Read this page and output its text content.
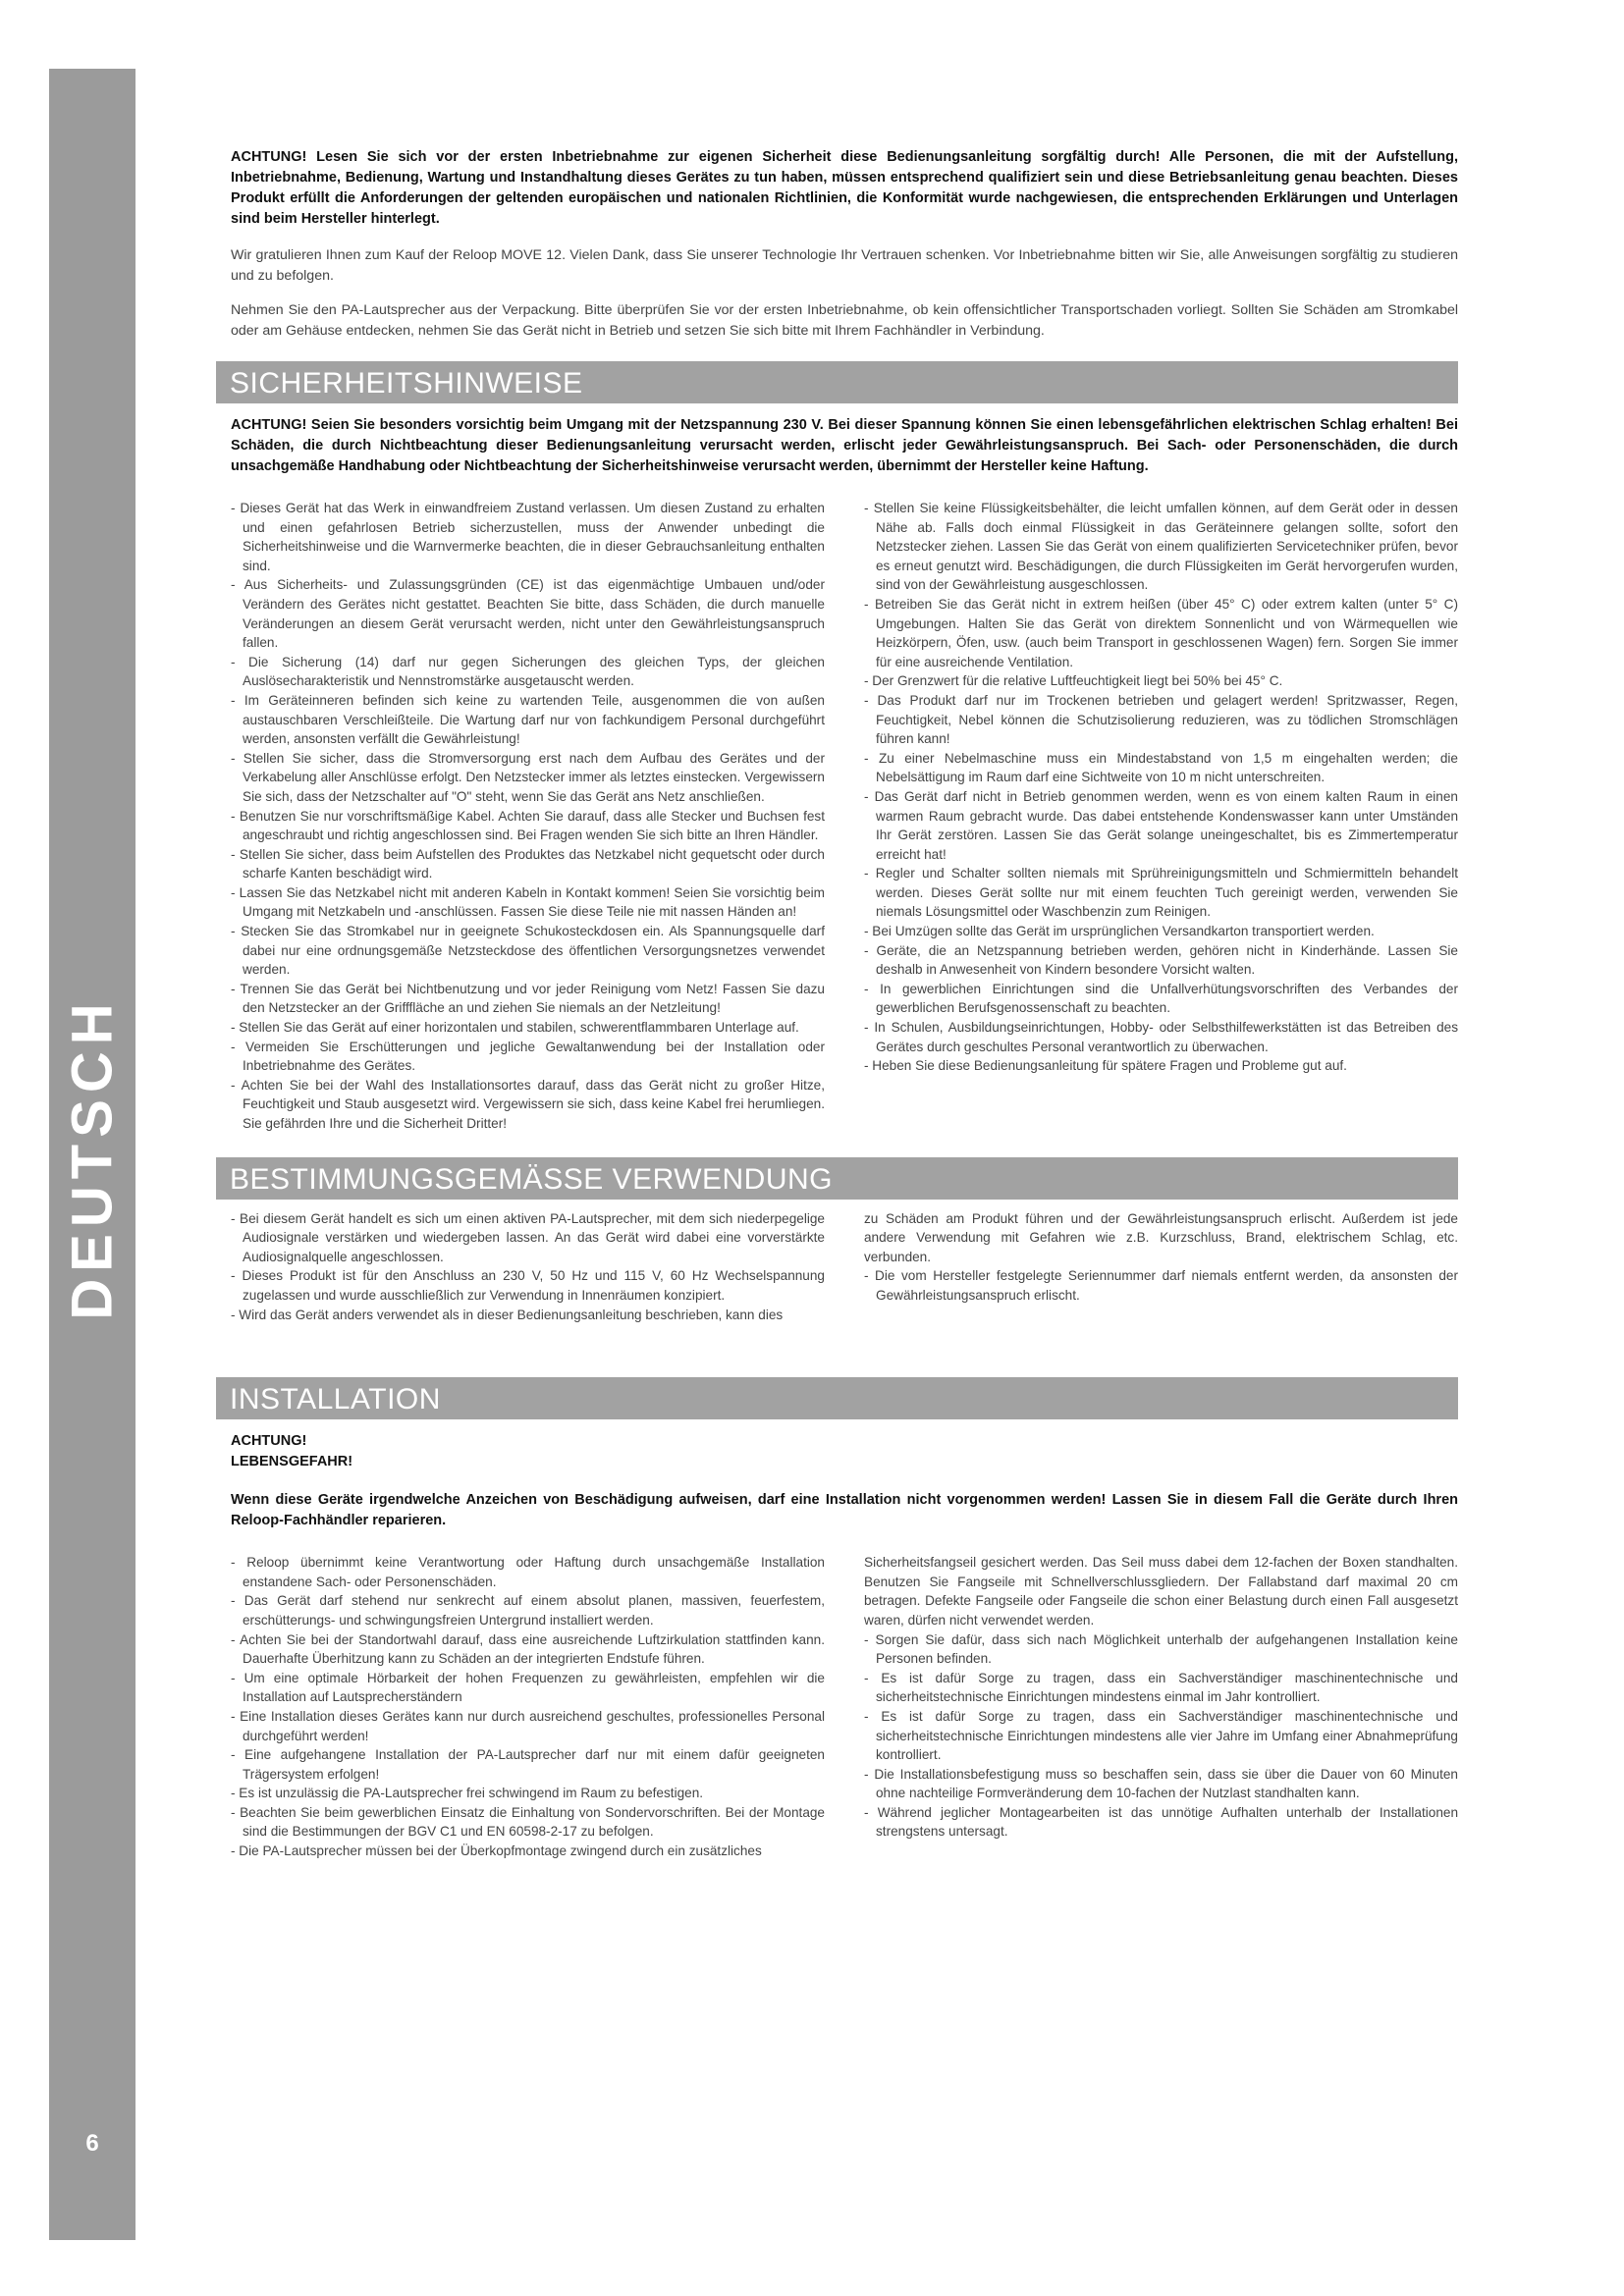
DEUTSCH
6

ACHTUNG! Lesen Sie sich vor der ersten Inbetriebnahme zur eigenen Sicherheit diese Bedienungsanleitung sorgfältig durch! Alle Personen, die mit der Aufstellung, Inbetriebnahme, Bedienung, Wartung und Instandhaltung dieses Gerätes zu tun haben, müssen entsprechend qualifiziert sein und diese Betriebsanleitung genau beachten. Dieses Produkt erfüllt die Anforderungen der geltenden europäischen und nationalen Richtlinien, die Konformität wurde nachgewiesen, die entsprechenden Erklärungen und Unterlagen sind beim Hersteller hinterlegt.

Wir gratulieren Ihnen zum Kauf der Reloop MOVE 12. Vielen Dank, dass Sie unserer Technologie Ihr Vertrauen schenken. Vor Inbetriebnahme bitten wir Sie, alle Anweisungen sorgfältig zu studieren und zu befolgen.

Nehmen Sie den PA-Lautsprecher aus der Verpackung. Bitte überprüfen Sie vor der ersten Inbetriebnahme, ob kein offensichtlicher Transportschaden vorliegt. Sollten Sie Schäden am Stromkabel oder am Gehäuse entdecken, nehmen Sie das Gerät nicht in Betrieb und setzen Sie sich bitte mit Ihrem Fachhändler in Verbindung.

SICHERHEITSHINWEISE

ACHTUNG! Seien Sie besonders vorsichtig beim Umgang mit der Netzspannung 230 V. Bei dieser Spannung können Sie einen lebensgefährlichen elektrischen Schlag erhalten! Bei Schäden, die durch Nichtbeachtung dieser Bedienungsanleitung verursacht werden, erlischt jeder Gewährleistungsanspruch. Bei Sach- oder Personenschäden, die durch unsachgemäße Handhabung oder Nichtbeachtung der Sicherheitshinweise verursacht werden, übernimmt der Hersteller keine Haftung.

- Dieses Gerät hat das Werk in einwandfreiem Zustand verlassen. Um diesen Zustand zu erhalten und einen gefahrlosen Betrieb sicherzustellen, muss der Anwender unbedingt die Sicherheitshinweise und die Warnvermerke beachten, die in dieser Gebrauchsanleitung enthalten sind.

- Aus Sicherheits- und Zulassungsgründen (CE) ist das eigenmächtige Umbauen und/oder Verändern des Gerätes nicht gestattet. Beachten Sie bitte, dass Schäden, die durch manuelle Veränderungen an diesem Gerät verursacht werden, nicht unter den Gewährleistungsanspruch fallen.

- Die Sicherung (14) darf nur gegen Sicherungen des gleichen Typs, der gleichen Auslösecharakteristik und Nennstromstärke ausgetauscht werden.

- Im Geräteinneren befinden sich keine zu wartenden Teile, ausgenommen die von außen austauschbaren Verschleißteile. Die Wartung darf nur von fachkundigem Personal durchgeführt werden, ansonsten verfällt die Gewährleistung!

- Stellen Sie sicher, dass die Stromversorgung erst nach dem Aufbau des Gerätes und der Verkabelung aller Anschlüsse erfolgt. Den Netzstecker immer als letztes einstecken. Vergewissern Sie sich, dass der Netzschalter auf "O" steht, wenn Sie das Gerät ans Netz anschließen.

- Benutzen Sie nur vorschriftsmäßige Kabel. Achten Sie darauf, dass alle Stecker und Buchsen fest angeschraubt und richtig angeschlossen sind. Bei Fragen wenden Sie sich bitte an Ihren Händler.

- Stellen Sie sicher, dass beim Aufstellen des Produktes das Netzkabel nicht gequetscht oder durch scharfe Kanten beschädigt wird.

- Lassen Sie das Netzkabel nicht mit anderen Kabeln in Kontakt kommen! Seien Sie vorsichtig beim Umgang mit Netzkabeln und -anschlüssen. Fassen Sie diese Teile nie mit nassen Händen an!

- Stecken Sie das Stromkabel nur in geeignete Schukosteckdosen ein. Als Spannungsquelle darf dabei nur eine ordnungsgemäße Netzsteckdose des öffentlichen Versorgungsnetzes verwendet werden.

- Trennen Sie das Gerät bei Nichtbenutzung und vor jeder Reinigung vom Netz! Fassen Sie dazu den Netzstecker an der Grifffläche an und ziehen Sie niemals an der Netzleitung!

- Stellen Sie das Gerät auf einer horizontalen und stabilen, schwerentflammbaren Unterlage auf.

- Vermeiden Sie Erschütterungen und jegliche Gewaltanwendung bei der Installation oder Inbetriebnahme des Gerätes.

- Achten Sie bei der Wahl des Installationsortes darauf, dass das Gerät nicht zu großer Hitze, Feuchtigkeit und Staub ausgesetzt wird. Vergewissern sie sich, dass keine Kabel frei herumliegen. Sie gefährden Ihre und die Sicherheit Dritter!

- Stellen Sie keine Flüssigkeitsbehälter, die leicht umfallen können, auf dem Gerät oder in dessen Nähe ab. Falls doch einmal Flüssigkeit in das Geräteinnere gelangen sollte, sofort den Netzstecker ziehen. Lassen Sie das Gerät von einem qualifizierten Servicetechniker prüfen, bevor es erneut genutzt wird. Beschädigungen, die durch Flüssigkeiten im Gerät hervorgerufen wurden, sind von der Gewährleistung ausgeschlossen.

- Betreiben Sie das Gerät nicht in extrem heißen (über 45° C) oder extrem kalten (unter 5° C) Umgebungen. Halten Sie das Gerät von direktem Sonnenlicht und von Wärmequellen wie Heizkörpern, Öfen, usw. (auch beim Transport in geschlossenen Wagen) fern. Sorgen Sie immer für eine ausreichende Ventilation.

- Der Grenzwert für die relative Luftfeuchtigkeit liegt bei 50% bei 45° C.

- Das Produkt darf nur im Trockenen betrieben und gelagert werden! Spritzwasser, Regen, Feuchtigkeit, Nebel können die Schutzisolierung reduzieren, was zu tödlichen Stromschlägen führen kann!

- Zu einer Nebelmaschine muss ein Mindestabstand von 1,5 m eingehalten werden; die Nebelsättigung im Raum darf eine Sichtweite von 10 m nicht unterschreiten.

- Das Gerät darf nicht in Betrieb genommen werden, wenn es von einem kalten Raum in einen warmen Raum gebracht wurde. Das dabei entstehende Kondenswasser kann unter Umständen Ihr Gerät zerstören. Lassen Sie das Gerät solange uneingeschaltet, bis es Zimmertemperatur erreicht hat!

- Regler und Schalter sollten niemals mit Sprühreinigungsmitteln und Schmiermitteln behandelt werden. Dieses Gerät sollte nur mit einem feuchten Tuch gereinigt werden, verwenden Sie niemals Lösungsmittel oder Waschbenzin zum Reinigen.

- Bei Umzügen sollte das Gerät im ursprünglichen Versandkarton transportiert werden.

- Geräte, die an Netzspannung betrieben werden, gehören nicht in Kinderhände. Lassen Sie deshalb in Anwesenheit von Kindern besondere Vorsicht walten.

- In gewerblichen Einrichtungen sind die Unfallverhütungsvorschriften des Verbandes der gewerblichen Berufsgenossenschaft zu beachten.

- In Schulen, Ausbildungseinrichtungen, Hobby- oder Selbsthilfewerkstätten ist das Betreiben des Gerätes durch geschultes Personal verantwortlich zu überwachen.

- Heben Sie diese Bedienungsanleitung für spätere Fragen und Probleme gut auf.

BESTIMMUNGSGEMÄSSE VERWENDUNG

- Bei diesem Gerät handelt es sich um einen aktiven PA-Lautsprecher, mit dem sich niederpegelige Audiosignale verstärken und wiedergeben lassen. An das Gerät wird dabei eine vorverstärkte Audiosignalquelle angeschlossen.

- Dieses Produkt ist für den Anschluss an 230 V, 50 Hz und 115 V, 60 Hz Wechselspannung zugelassen und wurde ausschließlich zur Verwendung in Innenräumen konzipiert.

- Wird das Gerät anders verwendet als in dieser Bedienungsanleitung beschrieben, kann dies

zu Schäden am Produkt führen und der Gewährleistungsanspruch erlischt. Außerdem ist jede andere Verwendung mit Gefahren wie z.B. Kurzschluss, Brand, elektrischem Schlag, etc. verbunden.

- Die vom Hersteller festgelegte Seriennummer darf niemals entfernt werden, da ansonsten der Gewährleistungsanspruch erlischt.

INSTALLATION

ACHTUNG!

LEBENSGEFAHR!

Wenn diese Geräte irgendwelche Anzeichen von Beschädigung aufweisen, darf eine Installation nicht vorgenommen werden! Lassen Sie in diesem Fall die Geräte durch Ihren Reloop-Fachhändler reparieren.

- Reloop übernimmt keine Verantwortung oder Haftung durch unsachgemäße Installation enstandene Sach- oder Personenschäden.

- Das Gerät darf stehend nur senkrecht auf einem absolut planen, massiven, feuerfestem, erschütterungs- und schwingungsfreien Untergrund installiert werden.

- Achten Sie bei der Standortwahl darauf, dass eine ausreichende Luftzirkulation stattfinden kann. Dauerhafte Überhitzung kann zu Schäden an der integrierten Endstufe führen.

- Um eine optimale Hörbarkeit der hohen Frequenzen zu gewährleisten, empfehlen wir die Installation auf Lautsprecherständern

- Eine Installation dieses Gerätes kann nur durch ausreichend geschultes, professionelles Personal durchgeführt werden!

- Eine aufgehangene Installation der PA-Lautsprecher darf nur mit einem dafür geeigneten Trägersystem erfolgen!

- Es ist unzulässig die PA-Lautsprecher frei schwingend im Raum zu befestigen.

- Beachten Sie beim gewerblichen Einsatz die Einhaltung von Sondervorschriften. Bei der Montage sind die Bestimmungen der BGV C1 und EN 60598-2-17 zu befolgen.

- Die PA-Lautsprecher müssen bei der Überkopfmontage zwingend durch ein zusätzliches

Sicherheitsfangseil gesichert werden. Das Seil muss dabei dem 12-fachen der Boxen standhalten. Benutzen Sie Fangseile mit Schnellverschlussgliedern. Der Fallabstand darf maximal 20 cm betragen. Defekte Fangseile oder Fangseile die schon einer Belastung durch einen Fall ausgesetzt waren, dürfen nicht verwendet werden.

- Sorgen Sie dafür, dass sich nach Möglichkeit unterhalb der aufgehangenen Installation keine Personen befinden.

- Es ist dafür Sorge zu tragen, dass ein Sachverständiger maschinentechnische und sicherheitstechnische Einrichtungen mindestens einmal im Jahr kontrolliert.

- Es ist dafür Sorge zu tragen, dass ein Sachverständiger maschinentechnische und sicherheitstechnische Einrichtungen mindestens alle vier Jahre im Umfang einer Abnahmeprüfung kontrolliert.

- Die Installationsbefestigung muss so beschaffen sein, dass sie über die Dauer von 60 Minuten ohne nachteilige Formveränderung dem 10-fachen der Nutzlast standhalten kann.

- Während jeglicher Montagearbeiten ist das unnötige Aufhalten unterhalb der Installationen strengstens untersagt.
